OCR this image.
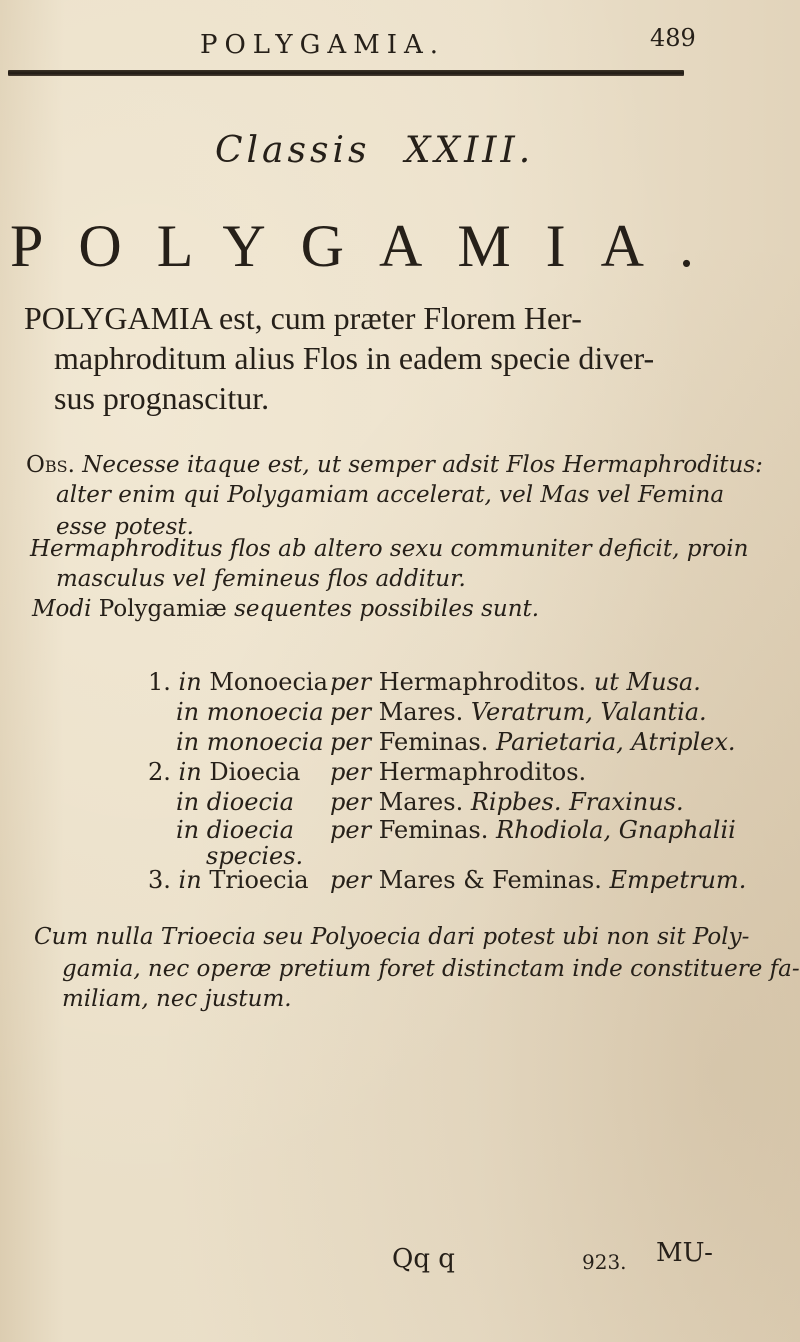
POLYGAMIA.	489
Classis XXIII.
POLYGAMIA.
POLYGAMIA est, cum præter Florem Her-
maphroditum alius Flos in eadem specie diver-
sus prognascitur.
Obs. Necesse itaque est, ut semper adsit Flos Hermaphroditus:
alter enim qui Polygamiam accelerat, vel Mas vel Femina
esse potest.
Hermaphroditus flos ab altero sexu communiter deficit, proin
masculus vel femineus flos additur.
Modi Polygamiæ sequentes possibiles sunt.
1. in Monoecia per Hermaphroditos. ut Musa.
in monoecia per Mares. Veratrum, Valantia.
in monoecia per Feminas. Parietaria, Atriplex.
2. in Dioecia per Hermaphroditos.
in dioecia per Mares. Ripbes. Fraxinus.
in dioecia per Feminas. Rhodiola, Gnaphalii
species.
3. in Trioecia per Mares & Feminas. Empetrum.
Cum nulla Trioecia seu Polyoecia dari potest ubi non sit Poly-
gamia, nec operæ pretium foret distinctam inde constituere fa-
miliam, nec justum.
Qq q	923. MU-
